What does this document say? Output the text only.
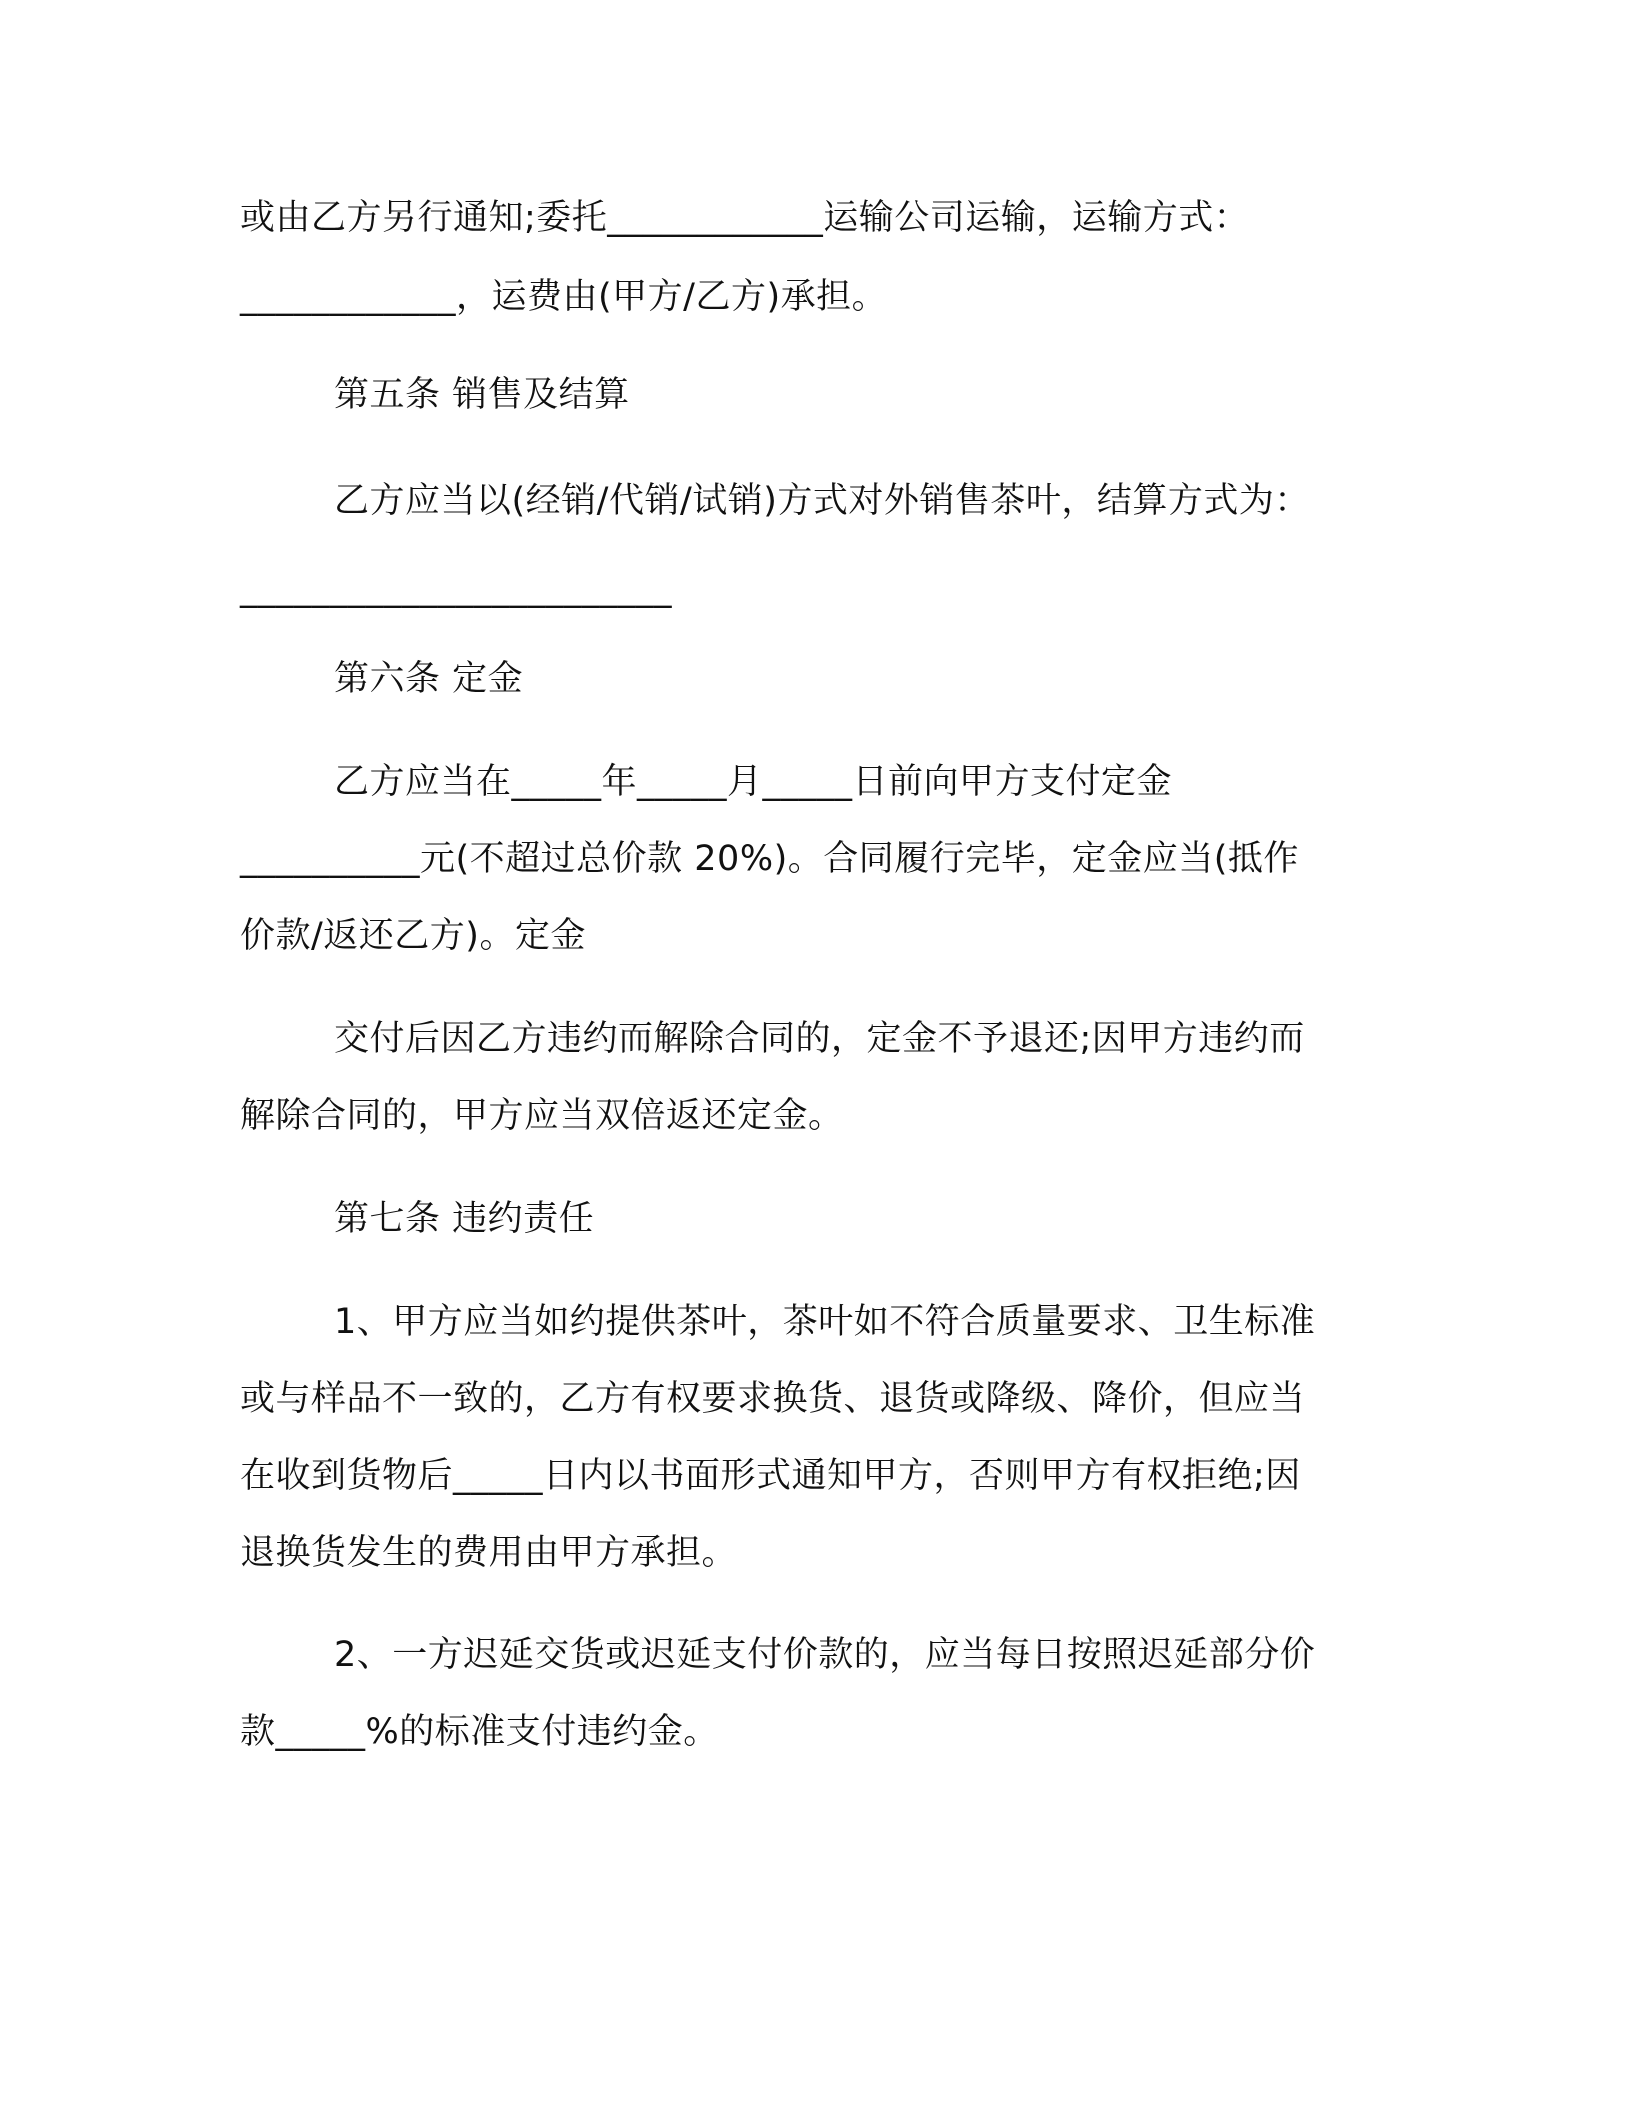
或由乙方另行通知;委托____________运输公司运输，运输方式：
____________，运费由(甲方/乙方)承担。
第五条 销售及结算
乙方应当以(经销/代销/试销)方式对外销售茶叶，结算方式为：
________________________
第六条 定金
乙方应当在_____年_____月_____日前向甲方支付定金
__________元(不超过总价款 20%)。合同履行完毕，定金应当(抵作
价款/返还乙方)。定金
交付后因乙方违约而解除合同的，定金不予退还;因甲方违约而
解除合同的，甲方应当双倍返还定金。
第七条 违约责任
1、甲方应当如约提供茶叶，茶叶如不符合质量要求、卫生标准
或与样品不一致的，乙方有权要求换货、退货或降级、降价，但应当
在收到货物后_____日内以书面形式通知甲方，否则甲方有权拒绝;因
退换货发生的费用由甲方承担。
2、一方迟延交货或迟延支付价款的，应当每日按照迟延部分价
款_____%的标准支付违约金。
